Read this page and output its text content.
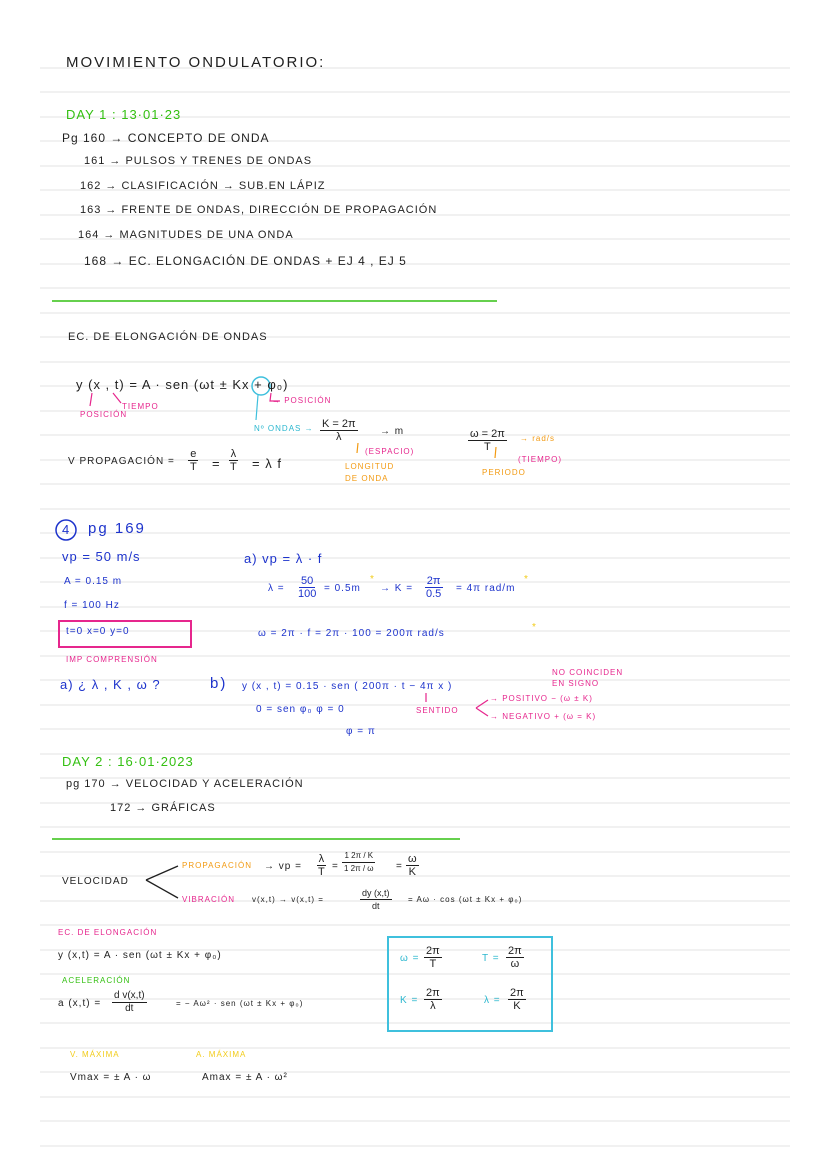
MOVIMIENTO ONDULATORIO:
DAY 1 : 13·01·23
Pg 160 → CONCEPTO DE ONDA
161 → PULSOS Y TRENES DE ONDAS
162 → CLASIFICACIÓN → SUB.EN LÁPIZ
163 → FRENTE DE ONDAS, DIRECCIÓN DE PROPAGACIÓN
164 → MAGNITUDES DE UNA ONDA
168 → EC. ELONGACIÓN DE ONDAS + EJ 4 , EJ 5
EC. DE ELONGACIÓN DE ONDAS
y (x , t) = A · sen (ωt ± Kx + φ₀)
POSICIÓN
TIEMPO
→ POSICIÓN
Nº ONDAS → $\frac{K = 2\pi}{\lambda} \to m$
(ESPACIO)
LONGITUD
DE ONDA
$\frac{\omega = 2\pi}{T} \to rad/s$
(TIEMPO)
PERIODO
V PROPAGACIÓN = $\frac{e}{T} = \frac{\lambda}{T} = \lambda$ f
4 pg 169
vp = 50 m/s
A = 0.15 m
f = 100 Hz
t=0 x=0 y=0
IMP COMPRENSIÓN
a) ¿ λ , K , ω ?
a) vp = λ · f
$\lambda = \frac{50}{100} = 0.5m$
*
→ $K = \frac{2\pi}{0.5} = 4\pi$ rad/m
*
ω = 2π · f = 2π · 100 = 200π rad/s
*
b) y (x , t) = 0.15 · sen ( 200π · t − 4π x )
NO COINCIDEN
EN SIGNO
0 = sen φ₀ φ = 0
φ = π
SENTIDO
→ POSITIVO − (ω ± K)
→ NEGATIVO + (ω = K)
DAY 2 : 16·01·2023
pg 170 → VELOCIDAD Y ACELERACIÓN
172 → GRÁFICAS
VELOCIDAD
PROPAGACIÓN → vp = $\frac{\lambda}{T} = \frac{1 2\pi / K}{1 2\pi / \omega} = \frac{\omega}{K}$
VIBRACIÓN v(x,t) → v(x,t) =	$\frac{dy (x,t)}{dt} = A\omega \cdot \cos (\omega t \pm Kx + \varphi_0)$
EC. DE ELONGACIÓN
y (x,t) = A · sen (ωt ± Kx + φ₀)
ACELERACIÓN
a $(x,t) = \frac{\text{d v(x,t)}}{dt}$	= − Aω² · sen (ωt ± Kx + φ₀)
$\omega = \frac{2\pi}{T}$	$T = \frac{2\pi}{\omega}$
$K = \frac{2\pi}{\lambda}$	$\lambda = \frac{2\pi}{K}$
V. MÁXIMA	A. MÁXIMA
Vmax = ± A · ω	Amax = ± A · ω²
